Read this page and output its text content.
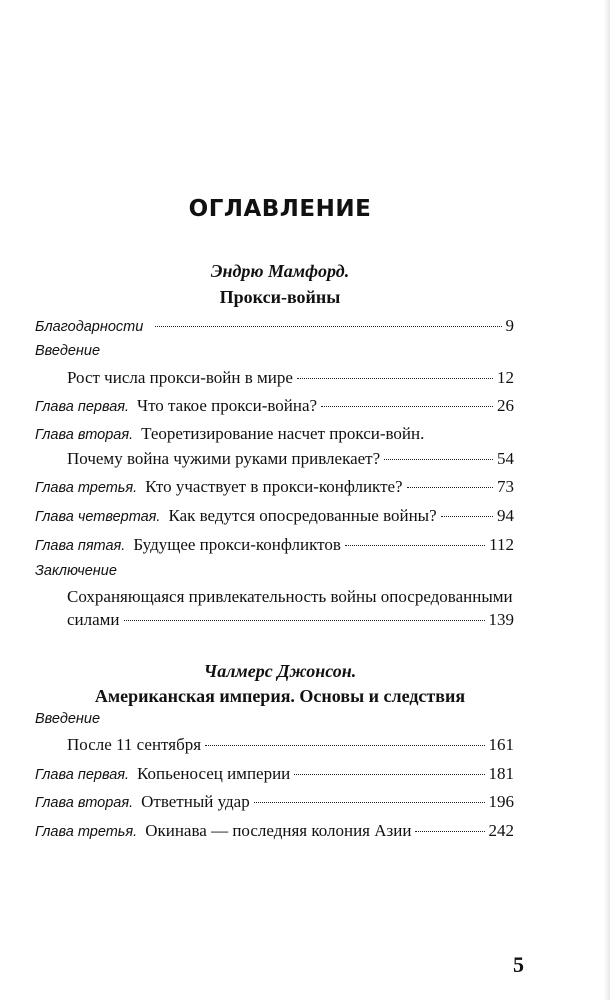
ОГЛАВЛЕНИЕ
Эндрю Мамфорд.
Прокси-войны
Благодарности	9
Введение
Рост числа прокси-войн в мире	12
Глава первая. Что такое прокси-война?	26
Глава вторая. Теоретизирование насчет прокси-войн.
Почему война чужими руками привлекает?	54
Глава третья. Кто участвует в прокси-конфликте?	73
Глава четвертая. Как ведутся опосредованные войны?	94
Глава пятая. Будущее прокси-конфликтов	112
Заключение
Сохраняющаяся привлекательность войны опосредованными
силами	139
Чалмерс Джонсон.
Американская империя. Основы и следствия
Введение
После 11 сентября	161
Глава первая. Копьеносец империи	181
Глава вторая. Ответный удар	196
Глава третья. Окинава — последняя колония Азии	242
5
